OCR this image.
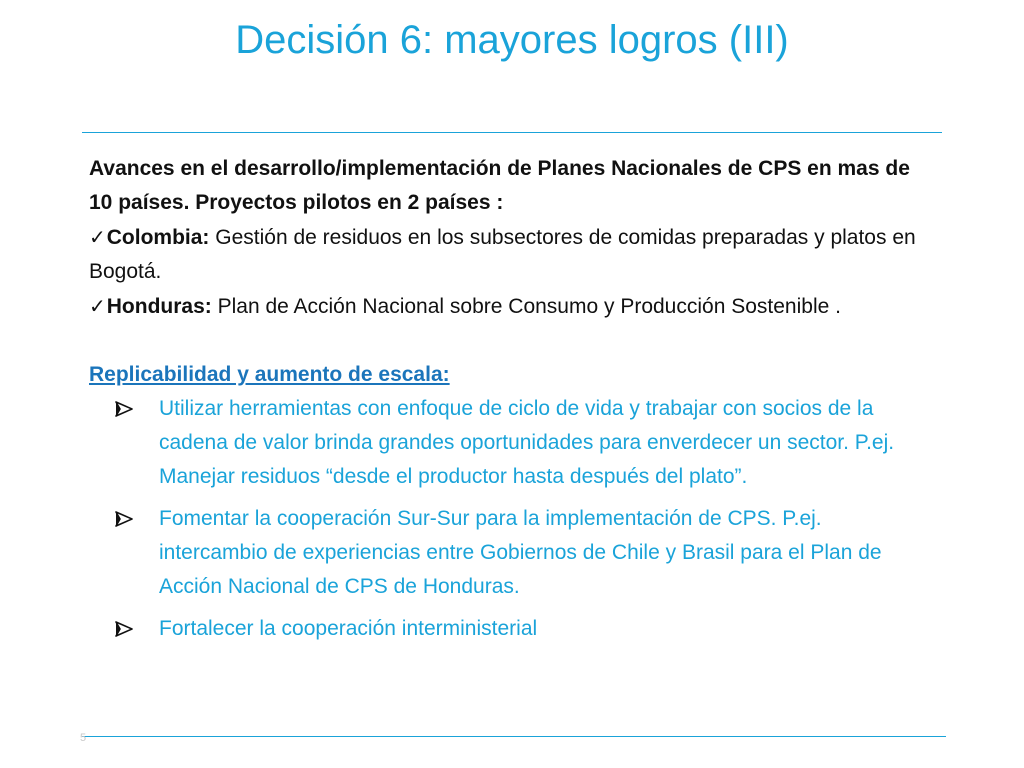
Decisión 6: mayores logros (III)

Avances en el desarrollo/implementación de Planes Nacionales de CPS en mas de 10 países. Proyectos pilotos en 2 países :

✓Colombia: Gestión de residuos en los subsectores de comidas preparadas y platos en Bogotá.

✓Honduras: Plan de Acción Nacional sobre Consumo y Producción Sostenible .

Replicabilidad y aumento de escala:

Utilizar herramientas con enfoque de ciclo de vida y trabajar con socios de la cadena de valor brinda grandes oportunidades para enverdecer un sector. P.ej. Manejar residuos “desde el productor hasta después del plato”.
Fomentar la cooperación Sur-Sur para la implementación de CPS. P.ej. intercambio de experiencias entre Gobiernos de Chile y Brasil para el Plan de Acción Nacional de CPS de Honduras.
Fortalecer la cooperación interministerial
5
